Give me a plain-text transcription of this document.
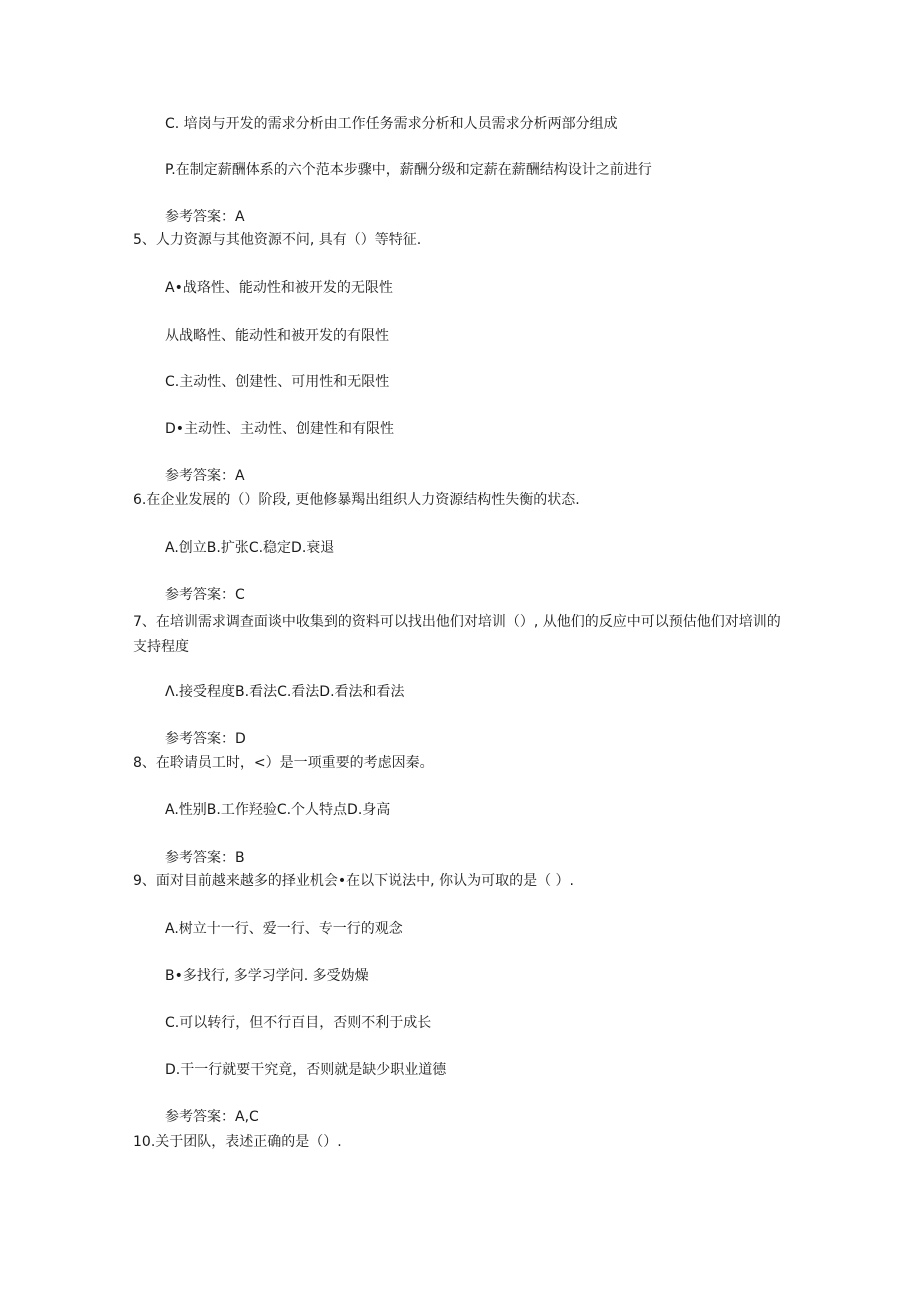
C. 培岗与开发的需求分析由工作任务需求分析和人员需求分析两部分组成
P.在制定薪酬体系的六个范本步骤中，薪酬分级和定薪在薪酬结构设计之前进行
参考答案：A
5、人力资源与其他资源不问, 具有（）等特征.
A•战珞性、能动性和被开发的无限性
从战略性、能动性和被开发的有限性
C.主动性、创建性、可用性和无限性
D•主动性、主动性、创建性和有限性
参考答案：A
6.在企业发展的（）阶段, 更他修暴羯出组织人力资源结构性失衡的状态.
A.创立B.扩张C.稳定D.衰退
参考答案：C
7、在培训需求调查面谈中收集到的资料可以找出他们对培训（）, 从他们的反应中可以预估他们对培训的支持程度
Λ.接受程度B.看法C.看法D.看法和看法
参考答案：D
8、在聆请员工时，<）是一项重要的考虑因秦。
A.性别B.工作羟验C.个人特点D.身高
参考答案：B
9、面对目前越来越多的择业机会•在以下说法中, 你认为可取的是（ ）.
A.树立十一行、爱一行、专一行的观念
B•多找行, 多学习学问. 多受妫燥
C.可以转行，但不行百目，否则不利于成长
D.干一行就要干究竟，否则就是缺少职业道德
参考答案：A,C
10.关于团队，表述正确的是（）.
